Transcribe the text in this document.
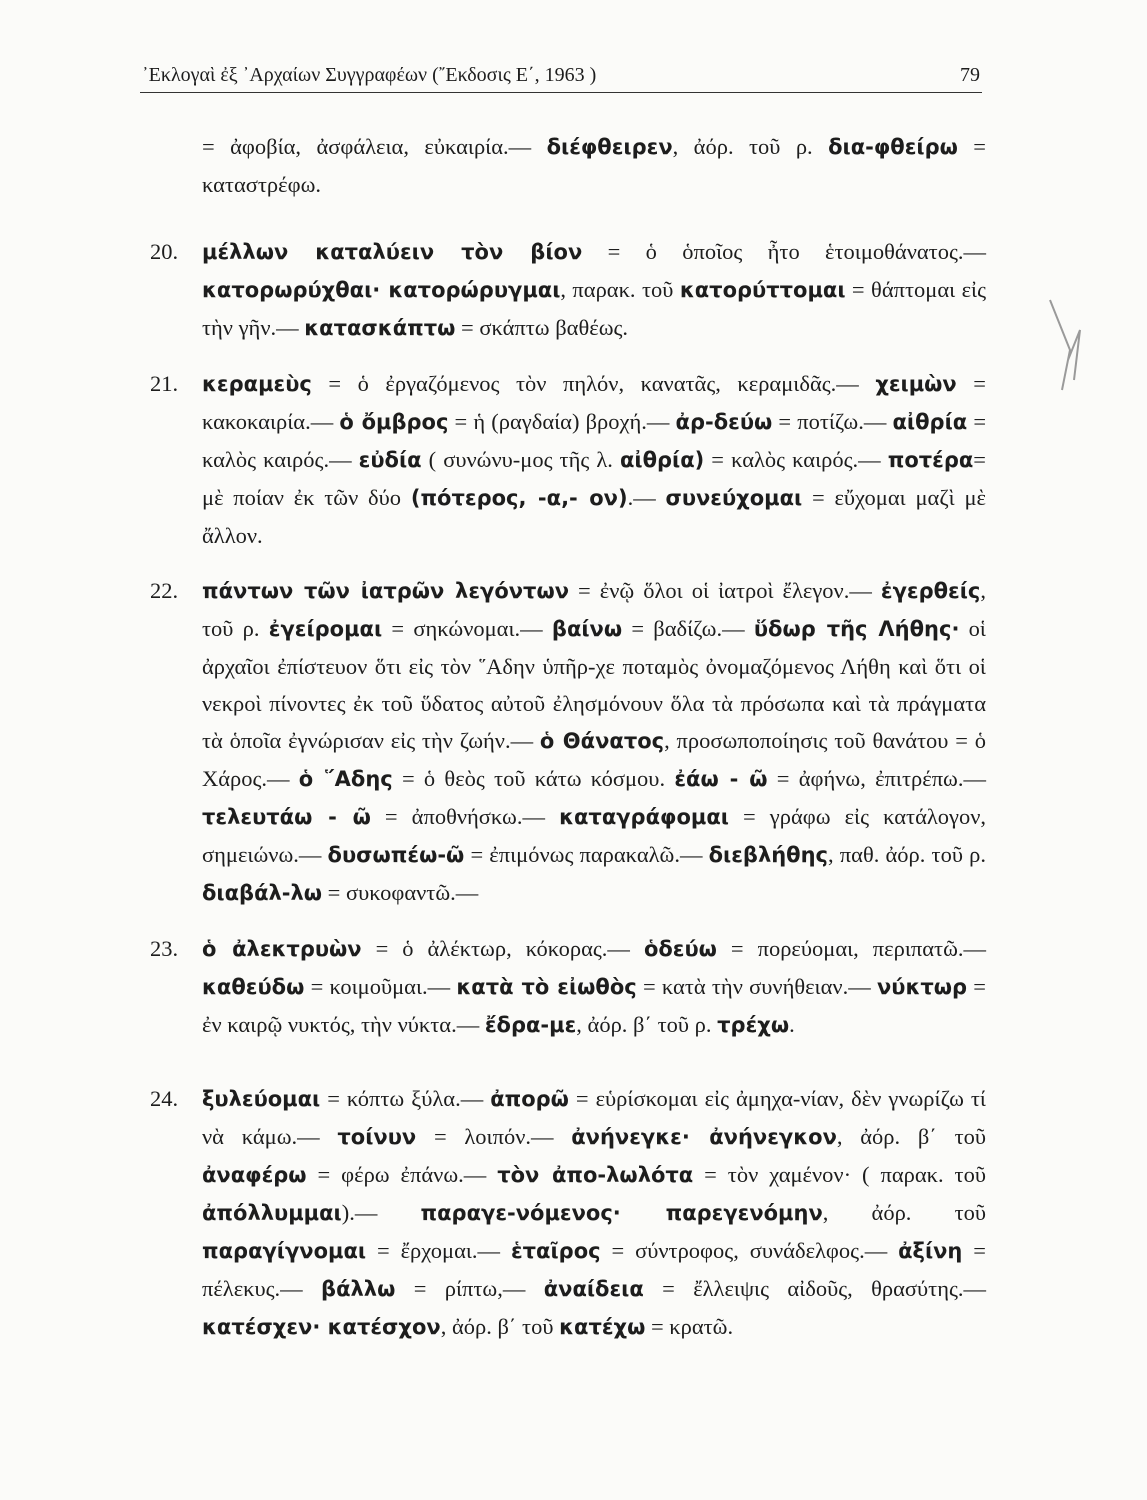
᾿Εκλογαὶ ἐξ ᾿Αρχαίων Συγγραφέων (῎Εκδοσις Ε΄, 1963 )	79
= ἀφοβία, ἀσφάλεια, εὐκαιρία.— διέφθειρεν, ἀόρ. τοῦ ρ. δια-φθείρω = καταστρέφω.
20.	μέλλων καταλύειν τὸν βίον = ὁ ὁποῖος ἦτο ἑτοιμοθάνατος.— κατορωρύχθαι· κατορώρυγμαι, παρακ. τοῦ κατορύττομαι = θάπτομαι εἰς τὴν γῆν.— κατασκάπτω = σκάπτω βαθέως.
21.	κεραμεὺς = ὁ ἐργαζόμενος τὸν πηλόν, κανατᾶς, κεραμιδᾶς.— χειμὼν = κακοκαιρία.— ὁ ὄμβρος = ἡ (ραγδαία) βροχή.— ἀρ-δεύω = ποτίζω.— αἰθρία = καλὸς καιρός.— εὐδία ( συνώνυ-μος τῆς λ. αἰθρία) = καλὸς καιρός.— ποτέρα= μὲ ποίαν ἐκ τῶν δύο (πότερος, -α,- ον).— συνεύχομαι = εὔχομαι μαζὶ μὲ ἄλλον.
22.	πάντων τῶν ἰατρῶν λεγόντων = ἐνῷ ὅλοι οἱ ἰατροὶ ἔλεγον.— ἐγερθείς, τοῦ ρ. ἐγείρομαι = σηκώνομαι.— βαίνω = βαδίζω.— ὕδωρ τῆς Λήθης· οἱ ἀρχαῖοι ἐπίστευον ὅτι εἰς τὸν ῞Αδην ὑπῆρ-χε ποταμὸς ὀνομαζόμενος Λήθη καὶ ὅτι οἱ νεκροὶ πίνοντες ἐκ τοῦ ὕδατος αὐτοῦ ἐλησμόνουν ὅλα τὰ πρόσωπα καὶ τὰ πράγματα τὰ ὁποῖα ἐγνώρισαν εἰς τὴν ζωήν.— ὁ Θάνατος, προσωποποίησις τοῦ θανάτου = ὁ Χάρος.— ὁ ῞Αδης = ὁ θεὸς τοῦ κάτω κόσμου. ἐάω - ῶ = ἀφήνω, ἐπιτρέπω.— τελευτάω - ῶ = ἀποθνήσκω.— καταγράφομαι = γράφω εἰς κατάλογον, σημειώνω.— δυσωπέω-ῶ = ἐπιμόνως παρακαλῶ.— διεβλήθης, παθ. ἀόρ. τοῦ ρ. διαβάλ-λω = συκοφαντῶ.—
23.	ὁ ἀλεκτρυὼν = ὁ ἀλέκτωρ, κόκορας.— ὁδεύω = πορεύομαι, περιπατῶ.— καθεύδω = κοιμοῦμαι.— κατὰ τὸ εἰωθὸς = κατὰ τὴν συνήθειαν.— νύκτωρ = ἐν καιρῷ νυκτός, τὴν νύκτα.— ἔδρα-με, ἀόρ. β΄ τοῦ ρ. τρέχω.
24.	ξυλεύομαι = κόπτω ξύλα.— ἀπορῶ = εὑρίσκομαι εἰς ἀμηχα-νίαν, δὲν γνωρίζω τί νὰ κάμω.— τοίνυν = λοιπόν.— ἀνήνεγκε· ἀνήνεγκον, ἀόρ. β΄ τοῦ ἀναφέρω = φέρω ἐπάνω.— τὸν ἀπο-λωλότα = τὸν χαμένον· ( παρακ. τοῦ ἀπόλλυμμαι).— παραγε-νόμενος· παρεγενόμην, ἀόρ. τοῦ παραγίγνομαι = ἔρχομαι.— ἑταῖρος = σύντροφος, συνάδελφος.— ἀξίνη = πέλεκυς.— βάλλω = ρίπτω,— ἀναίδεια = ἔλλειψις αἰδοῦς, θρασύτης.— κατέσχεν· κατέσχον, ἀόρ. β΄ τοῦ κατέχω = κρατῶ.
